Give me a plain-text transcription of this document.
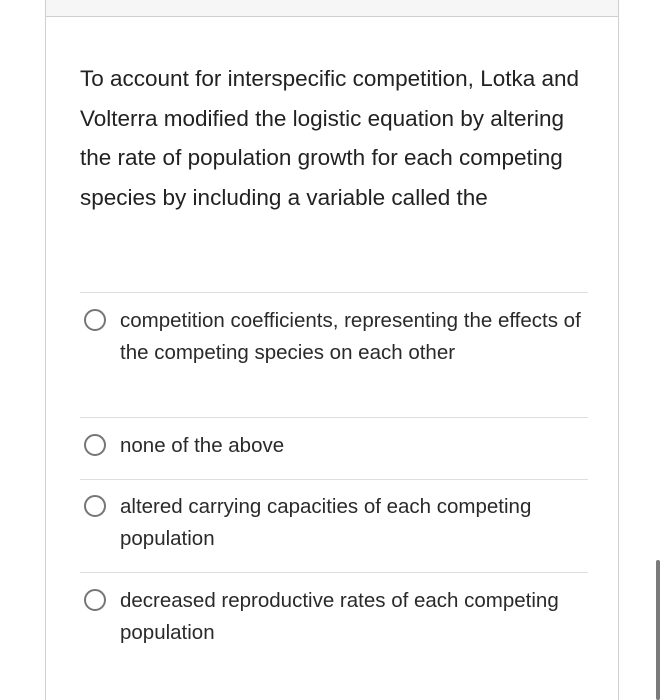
To account for interspecific competition, Lotka and Volterra modified the logistic equation by altering the rate of population growth for each competing species by including a variable called the
competition coefficients, representing the effects of the competing species on each other
none of the above
altered carrying capacities of each competing population
decreased reproductive rates of each competing population
